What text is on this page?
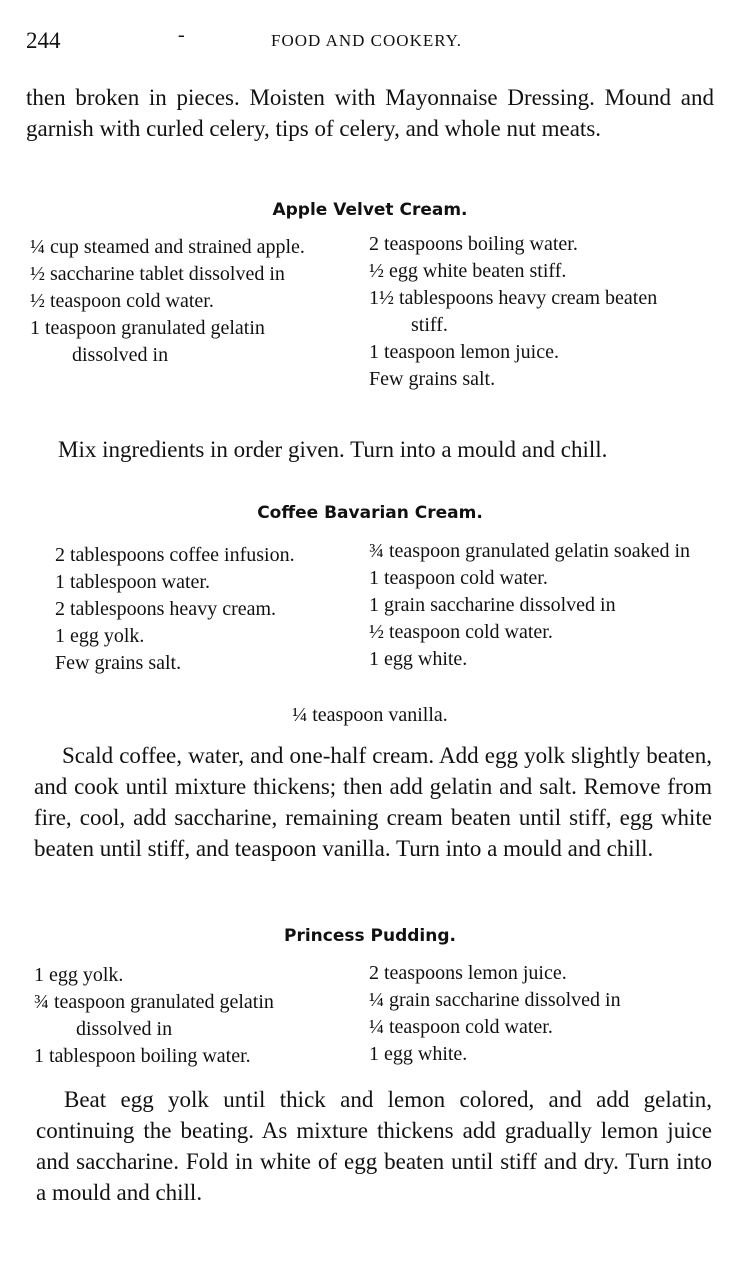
244	-	FOOD AND COOKERY.

then broken in pieces. Moisten with Mayonnaise Dressing. Mound and garnish with curled celery, tips of celery, and whole nut meats.

Apple Velvet Cream.
¼ cup steamed and strained apple.
½ saccharine tablet dissolved in
½ teaspoon cold water.
1 teaspoon granulated gelatin dissolved in
2 teaspoons boiling water.
½ egg white beaten stiff.
1½ tablespoons heavy cream beaten stiff.
1 teaspoon lemon juice.
Few grains salt.

Mix ingredients in order given. Turn into a mould and chill.

Coffee Bavarian Cream.
2 tablespoons coffee infusion.
1 tablespoon water.
2 tablespoons heavy cream.
1 egg yolk.
Few grains salt.
¾ teaspoon granulated gelatin soaked in
1 teaspoon cold water.
1 grain saccharine dissolved in
½ teaspoon cold water.
1 egg white.
¼ teaspoon vanilla.

Scald coffee, water, and one-half cream. Add egg yolk slightly beaten, and cook until mixture thickens; then add gelatin and salt. Remove from fire, cool, add saccharine, remaining cream beaten until stiff, egg white beaten until stiff, and teaspoon vanilla. Turn into a mould and chill.

Princess Pudding.
1 egg yolk.
¾ teaspoon granulated gelatin dissolved in
1 tablespoon boiling water.
2 teaspoons lemon juice.
¼ grain saccharine dissolved in
¼ teaspoon cold water.
1 egg white.

Beat egg yolk until thick and lemon colored, and add gelatin, continuing the beating. As mixture thickens add gradually lemon juice and saccharine. Fold in white of egg beaten until stiff and dry. Turn into a mould and chill.
